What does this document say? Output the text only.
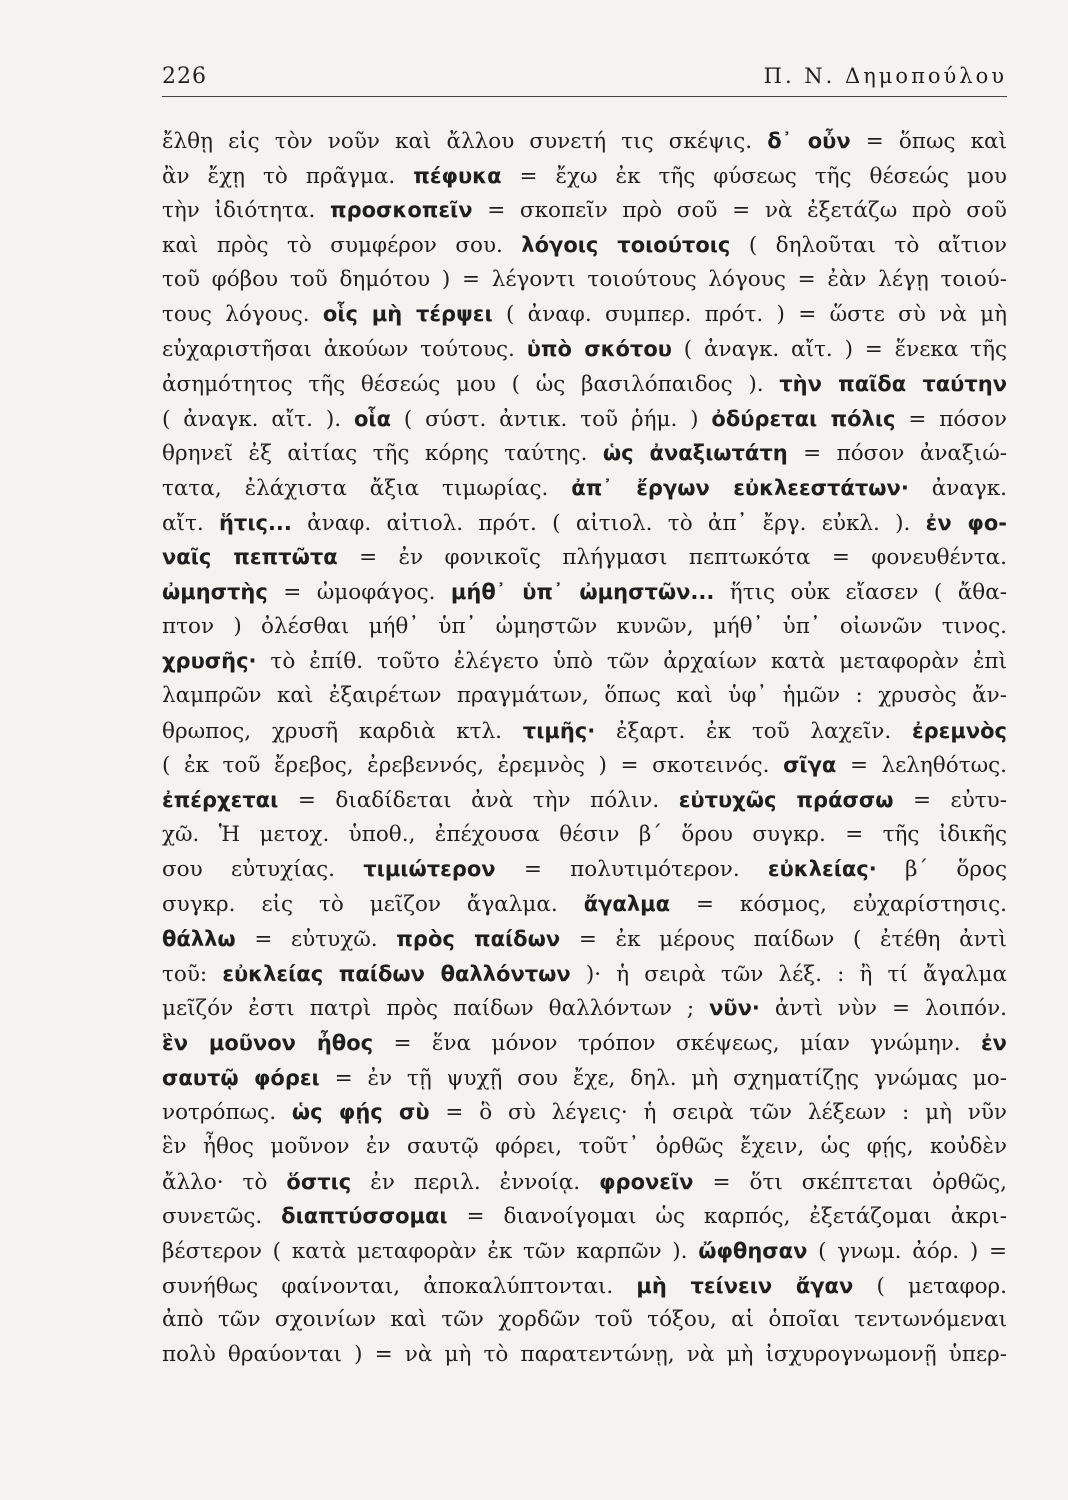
226	Π. Ν. Δημοπούλου
ἔλθῃ εἰς τὸν νοῦν καὶ ἄλλου συνετή τις σκέψις. δ᾽ οὖν = ὅπως καὶ
ἂν ἔχῃ τὸ πρᾶγμα. πέφυκα = ἔχω ἐκ τῆς φύσεως τῆς θέσεώς μου
τὴν ἰδιότητα. προσκοπεῖν = σκοπεῖν πρὸ σοῦ = νὰ ἐξετάζω πρὸ σοῦ
καὶ πρὸς τὸ συμφέρον σου. λόγοις τοιούτοις ( δηλοῦται τὸ αἴτιον
τοῦ φόβου τοῦ δημότου ) = λέγοντι τοιούτους λόγους = ἐὰν λέγῃ τοιού-
τους λόγους. οἷς μὴ τέρψει ( ἀναφ. συμπερ. πρότ. ) = ὥστε σὺ νὰ μὴ
εὐχαριστῆσαι ἀκούων τούτους. ὑπὸ σκότου ( ἀναγκ. αἴτ. ) = ἕνεκα τῆς
ἀσημότητος τῆς θέσεώς μου ( ὡς βασιλόπαιδος ). τὴν παῖδα ταύτην
( ἀναγκ. αἴτ. ). οἷα ( σύστ. ἀντικ. τοῦ ῥήμ. ) ὀδύρεται πόλις = πόσον
θρηνεῖ ἐξ αἰτίας τῆς κόρης ταύτης. ὡς ἀναξιωτάτη = πόσον ἀναξιώ-
τατα, ἐλάχιστα ἄξια τιμωρίας. ἀπ᾽ ἔργων εὐκλεεστάτων· ἀναγκ.
αἴτ. ἥτις... ἀναφ. αἰτιολ. πρότ. ( αἰτιολ. τὸ ἀπ᾽ ἔργ. εὐκλ. ). ἐν φο-
ναῖς πεπτῶτα = ἐν φονικοῖς πλήγμασι πεπτωκότα = φονευθέντα.
ὠμηστὴς = ὠμοφάγος. μήθ᾽ ὑπ᾽ ὠμηστῶν... ἥτις οὐκ εἴασεν ( ἄθα-
πτον ) ὀλέσθαι μήθ᾽ ὑπ᾽ ὠμηστῶν κυνῶν, μήθ᾽ ὑπ᾽ οἰωνῶν τινος.
χρυσῆς· τὸ ἐπίθ. τοῦτο ἐλέγετο ὑπὸ τῶν ἀρχαίων κατὰ μεταφορὰν ἐπὶ
λαμπρῶν καὶ ἐξαιρέτων πραγμάτων, ὅπως καὶ ὑφ᾽ ἡμῶν : χρυσὸς ἄν-
θρωπος, χρυσῆ καρδιὰ κτλ. τιμῆς· ἐξαρτ. ἐκ τοῦ λαχεῖν. ἐρεμνὸς
( ἐκ τοῦ ἔρεβος, ἐρεβεννός, ἐρεμνὸς ) = σκοτεινός. σῖγα = λεληθότως.
ἐπέρχεται = διαδίδεται ἀνὰ τὴν πόλιν. εὐτυχῶς πράσσω = εὐτυ-
χῶ. Ἡ μετοχ. ὑποθ., ἐπέχουσα θέσιν β΄ ὅρου συγκρ. = τῆς ἰδικῆς
σου εὐτυχίας. τιμιώτερον = πολυτιμότερον. εὐκλείας· β΄ ὅρος
συγκρ. εἰς τὸ μεῖζον ἄγαλμα. ἄγαλμα = κόσμος, εὐχαρίστησις.
θάλλω = εὐτυχῶ. πρὸς παίδων = ἐκ μέρους παίδων ( ἐτέθη ἀντὶ
τοῦ: εὐκλείας παίδων θαλλόντων )· ἡ σειρὰ τῶν λέξ. : ἢ τί ἄγαλμα
μεῖζόν ἐστι πατρὶ πρὸς παίδων θαλλόντων ; νῦν· ἀντὶ νὺν = λοιπόν.
ἓν μοῦνον ἦθος = ἕνα μόνον τρόπον σκέψεως, μίαν γνώμην. ἐν
σαυτῷ φόρει = ἐν τῇ ψυχῇ σου ἔχε, δηλ. μὴ σχηματίζῃς γνώμας μο-
νοτρόπως. ὡς φῄς σὺ = ὃ σὺ λέγεις· ἡ σειρὰ τῶν λέξεων : μὴ νῦν
ἓν ἦθος μοῦνον ἐν σαυτῷ φόρει, τοῦτ᾽ ὀρθῶς ἔχειν, ὡς φῄς, κοὐδὲν
ἄλλο· τὸ ὅστις ἐν περιλ. ἐννοίᾳ. φρονεῖν = ὅτι σκέπτεται ὀρθῶς,
συνετῶς. διαπτύσσομαι = διανοίγομαι ὡς καρπός, ἐξετάζομαι ἀκρι-
βέστερον ( κατὰ μεταφορὰν ἐκ τῶν καρπῶν ). ὤφθησαν ( γνωμ. ἀόρ. ) =
συνήθως φαίνονται, ἀποκαλύπτονται. μὴ τείνειν ἄγαν ( μεταφορ.
ἀπὸ τῶν σχοινίων καὶ τῶν χορδῶν τοῦ τόξου, αἱ ὁποῖαι τεντωνόμεναι
πολὺ θραύονται ) = νὰ μὴ τὸ παρατεντώνῃ, νὰ μὴ ἰσχυρογνωμονῇ ὑπερ-
